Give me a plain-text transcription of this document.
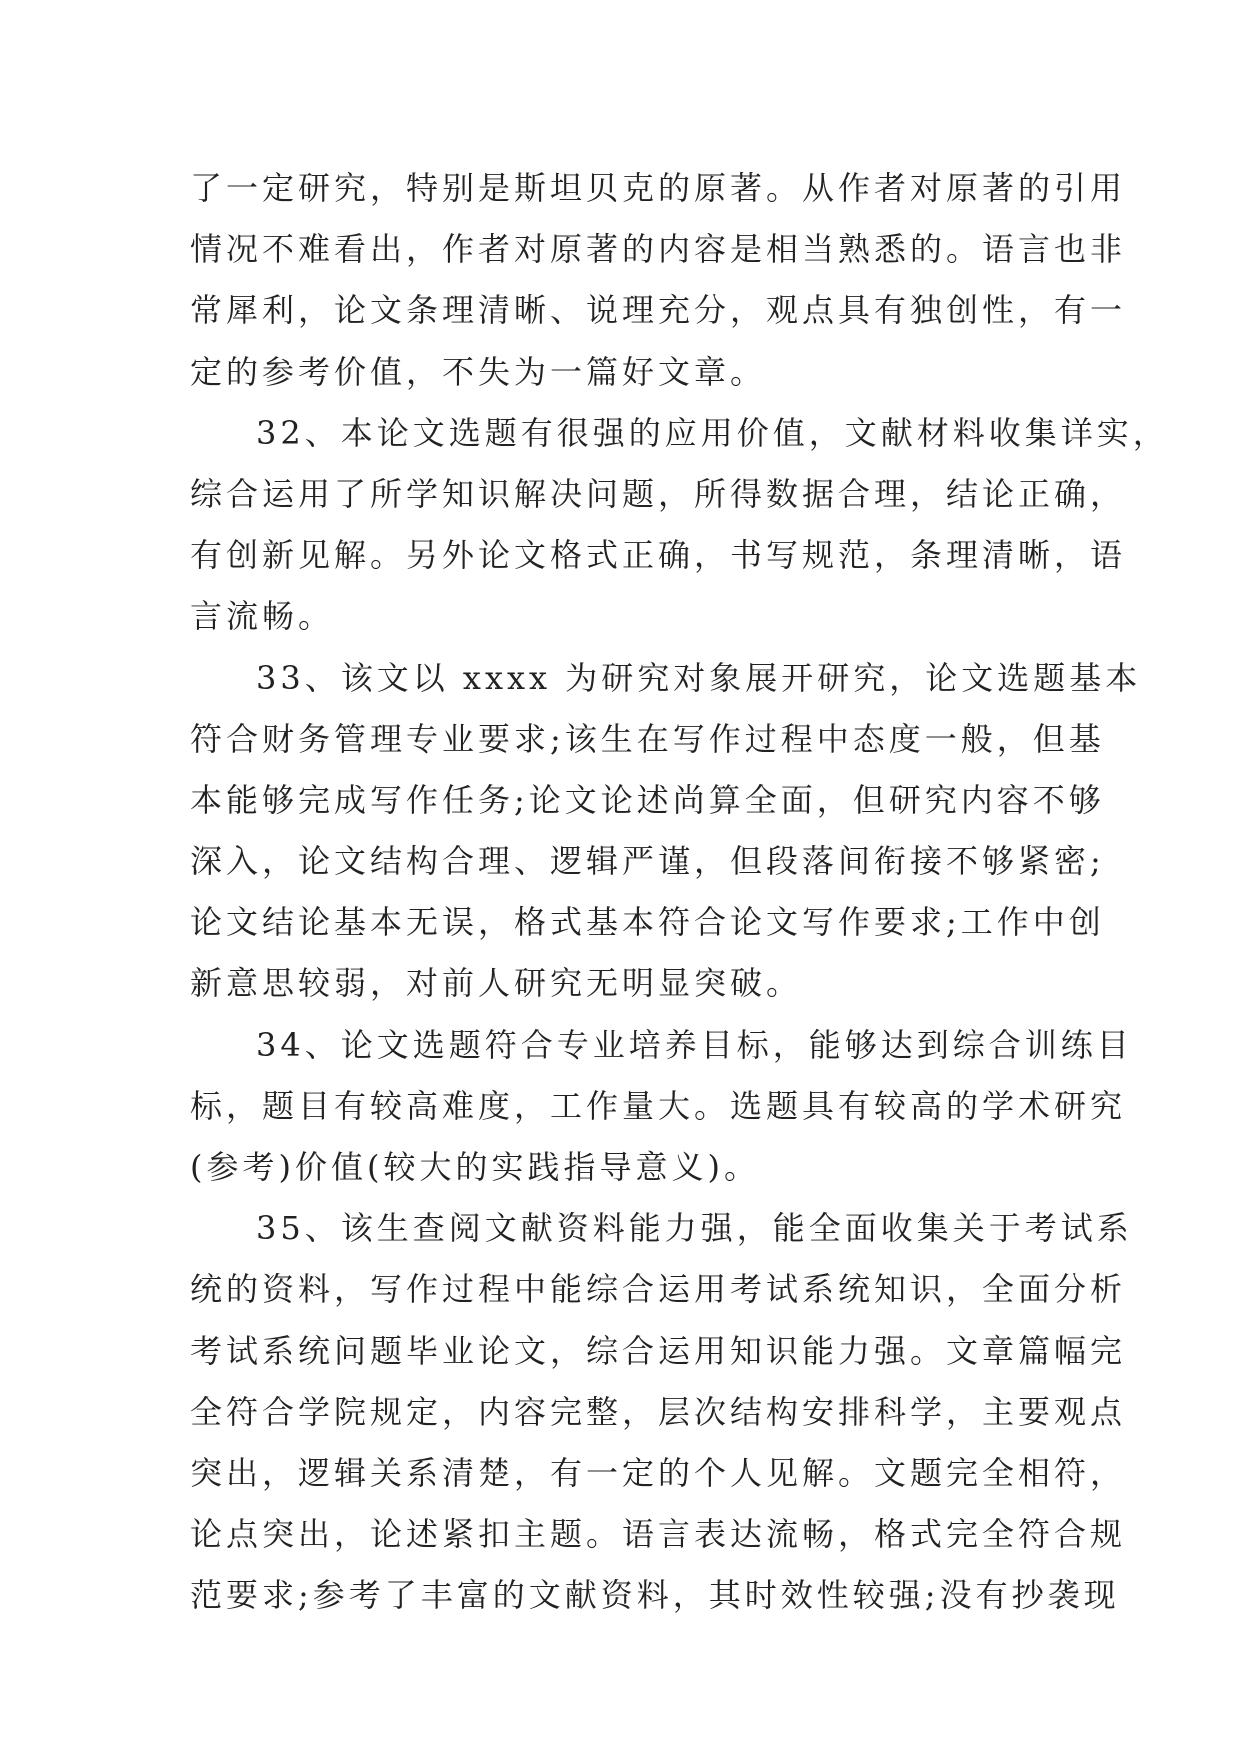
了一定研究，特别是斯坦贝克的原著。从作者对原著的引用
情况不难看出，作者对原著的内容是相当熟悉的。语言也非
常犀利，论文条理清晰、说理充分，观点具有独创性，有一
定的参考价值，不失为一篇好文章。
32、本论文选题有很强的应用价值，文献材料收集详实，
综合运用了所学知识解决问题，所得数据合理，结论正确，
有创新见解。另外论文格式正确，书写规范，条理清晰，语
言流畅。
33、该文以 xxxx 为研究对象展开研究，论文选题基本
符合财务管理专业要求;该生在写作过程中态度一般，但基
本能够完成写作任务;论文论述尚算全面，但研究内容不够
深入，论文结构合理、逻辑严谨，但段落间衔接不够紧密;
论文结论基本无误，格式基本符合论文写作要求;工作中创
新意思较弱，对前人研究无明显突破。
34、论文选题符合专业培养目标，能够达到综合训练目
标，题目有较高难度，工作量大。选题具有较高的学术研究
(参考)价值(较大的实践指导意义)。
35、该生查阅文献资料能力强，能全面收集关于考试系
统的资料，写作过程中能综合运用考试系统知识，全面分析
考试系统问题毕业论文，综合运用知识能力强。文章篇幅完
全符合学院规定，内容完整，层次结构安排科学，主要观点
突出，逻辑关系清楚，有一定的个人见解。文题完全相符，
论点突出，论述紧扣主题。语言表达流畅，格式完全符合规
范要求;参考了丰富的文献资料，其时效性较强;没有抄袭现
